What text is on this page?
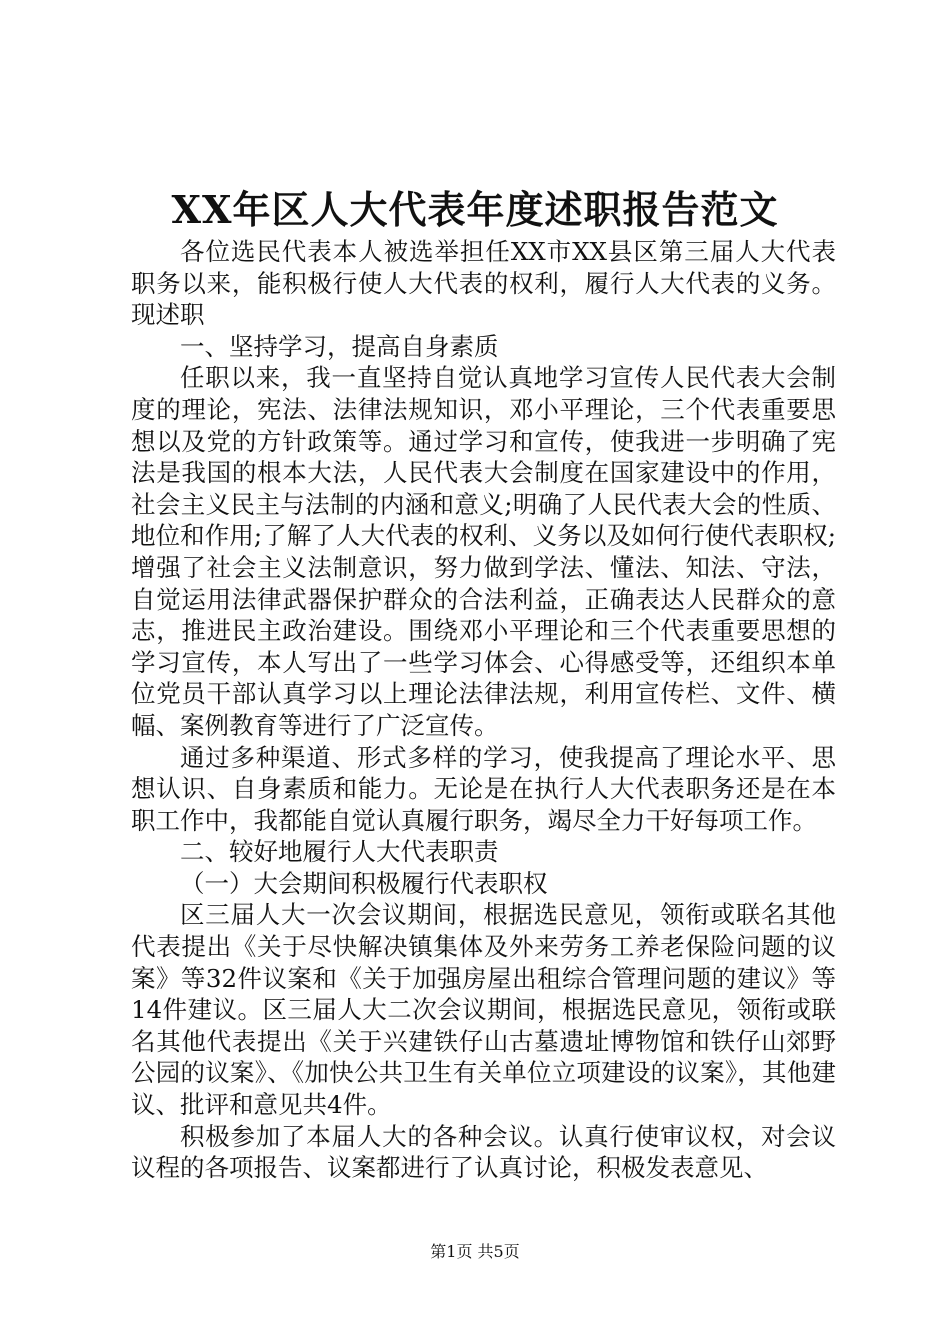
XX年区人大代表年度述职报告范文

各位选民代表本人被选举担任XX市XX县区第三届人大代表职务以来，能积极行使人大代表的权利，履行人大代表的义务。现述职

一、坚持学习，提高自身素质

任职以来，我一直坚持自觉认真地学习宣传人民代表大会制度的理论，宪法、法律法规知识，邓小平理论，三个代表重要思想以及党的方针政策等。通过学习和宣传，使我进一步明确了宪法是我国的根本大法，人民代表大会制度在国家建设中的作用，社会主义民主与法制的内涵和意义;明确了人民代表大会的性质、地位和作用;了解了人大代表的权利、义务以及如何行使代表职权;增强了社会主义法制意识，努力做到学法、懂法、知法、守法，自觉运用法律武器保护群众的合法利益，正确表达人民群众的意志，推进民主政治建设。围绕邓小平理论和三个代表重要思想的学习宣传，本人写出了一些学习体会、心得感受等，还组织本单位党员干部认真学习以上理论法律法规，利用宣传栏、文件、横幅、案例教育等进行了广泛宣传。

通过多种渠道、形式多样的学习，使我提高了理论水平、思想认识、自身素质和能力。无论是在执行人大代表职务还是在本职工作中，我都能自觉认真履行职务，竭尽全力干好每项工作。

二、较好地履行人大代表职责

（一）大会期间积极履行代表职权

区三届人大一次会议期间，根据选民意见，领衔或联名其他代表提出《关于尽快解决镇集体及外来劳务工养老保险问题的议案》等32件议案和《关于加强房屋出租综合管理问题的建议》等14件建议。区三届人大二次会议期间，根据选民意见，领衔或联名其他代表提出《关于兴建铁仔山古墓遗址博物馆和铁仔山郊野公园的议案》、《加快公共卫生有关单位立项建设的议案》，其他建议、批评和意见共4件。

积极参加了本届人大的各种会议。认真行使审议权，对会议议程的各项报告、议案都进行了认真讨论，积极发表意见、

第1页 共5页
